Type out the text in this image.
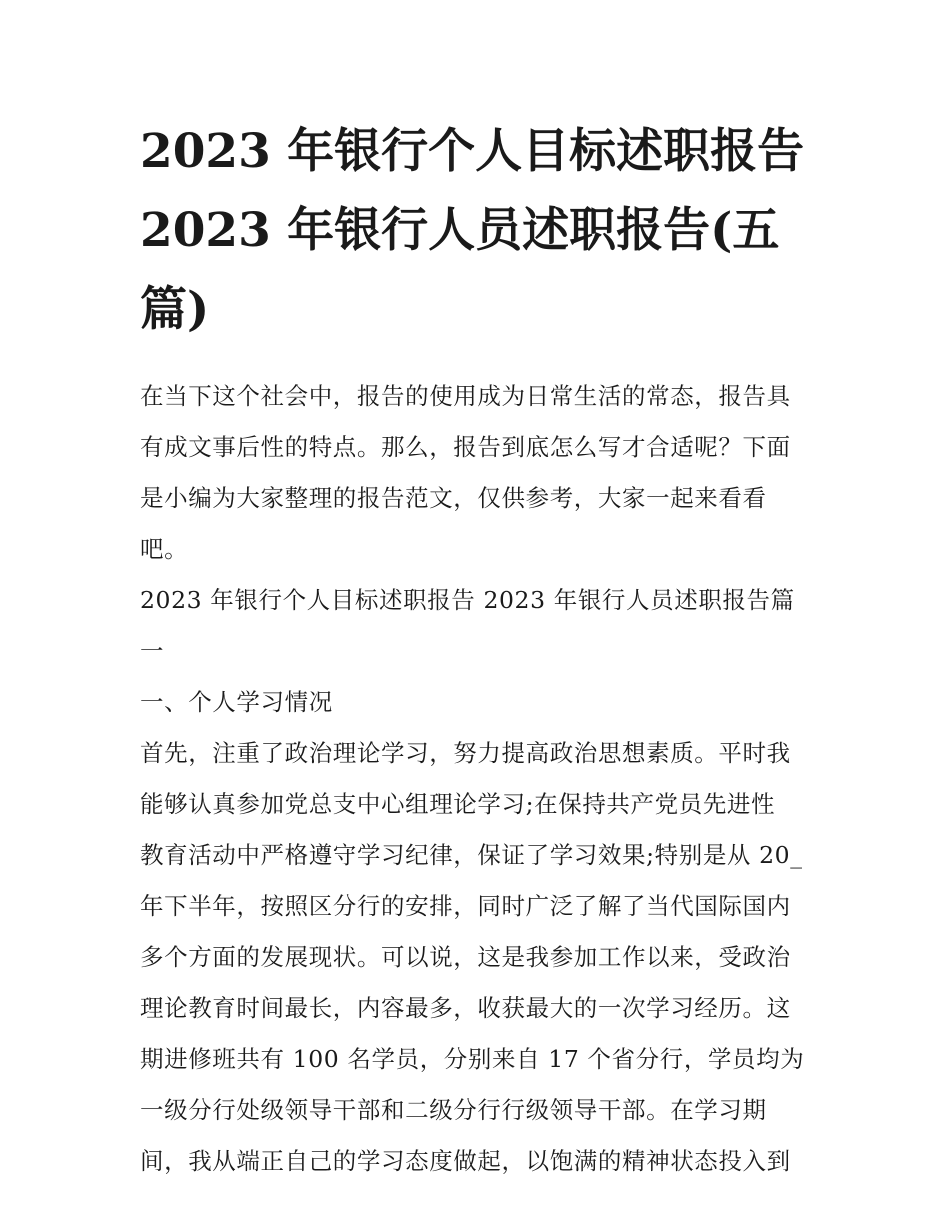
2023 年银行个人目标述职报告
2023 年银行人员述职报告(五
篇)

在当下这个社会中，报告的使用成为日常生活的常态，报告具

有成文事后性的特点。那么，报告到底怎么写才合适呢？下面

是小编为大家整理的报告范文，仅供参考，大家一起来看看

吧。

2023 年银行个人目标述职报告 2023 年银行人员述职报告篇一

一、个人学习情况

首先，注重了政治理论学习，努力提高政治思想素质。平时我

能够认真参加党总支中心组理论学习;在保持共产党员先进性

教育活动中严格遵守学习纪律，保证了学习效果;特别是从 20_

年下半年，按照区分行的安排，同时广泛了解了当代国际国内

多个方面的发展现状。可以说，这是我参加工作以来，受政治

理论教育时间最长，内容最多，收获最大的一次学习经历。这

期进修班共有 100 名学员，分别来自 17 个省分行，学员均为

一级分行处级领导干部和二级分行行级领导干部。在学习期

间，我从端正自己的学习态度做起，以饱满的精神状态投入到
